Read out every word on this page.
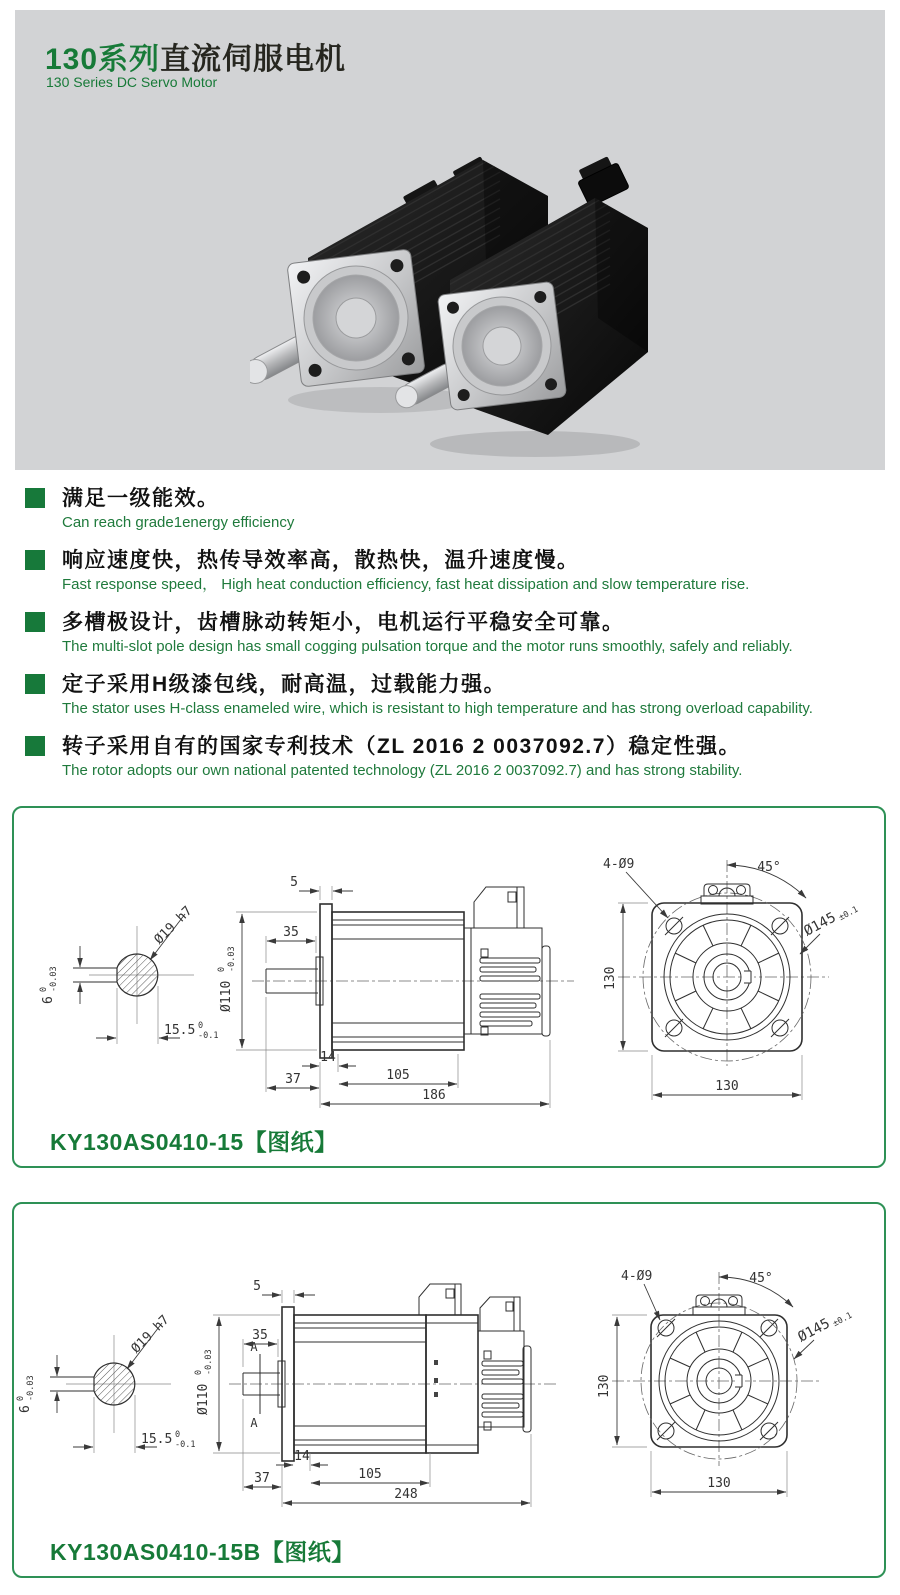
130系列直流伺服电机
130 Series DC Servo Motor
满足一级能效。
Can reach grade1energy efficiency
响应速度快，热传导效率高，散热快，温升速度慢。
Fast response speed， High heat conduction efficiency, fast heat dissipation and slow temperature rise.
多槽极设计，齿槽脉动转矩小，电机运行平稳安全可靠。
The multi-slot pole design has small cogging pulsation torque and the motor runs smoothly, safely and reliably.
定子采用H级漆包线，耐高温，过载能力强。
The stator uses H-class enameled wire, which is resistant to high temperature and has strong overload capability.
转子采用自有的国家专利技术（ZL 2016 2 0037092.7）稳定性强。
The rotor adopts our own national patented technology (ZL 2016 2 0037092.7) and has strong stability.
6
0 -0.03
Ø19 h7
15.5 0
-0.1
Ø110
0 -0.03
35
5
14
105
37
186
45°
4-Ø9
Ø145
±0.1
130
130
KY130AS0410-15【图纸】
6
0 -0.03
Ø19 h7
15.5 0
-0.1
Ø110
0 -0.03
A
A
35
5
14
105
37
248
45°
4-Ø9
Ø145
±0.1
130
130
KY130AS0410-15B【图纸】
